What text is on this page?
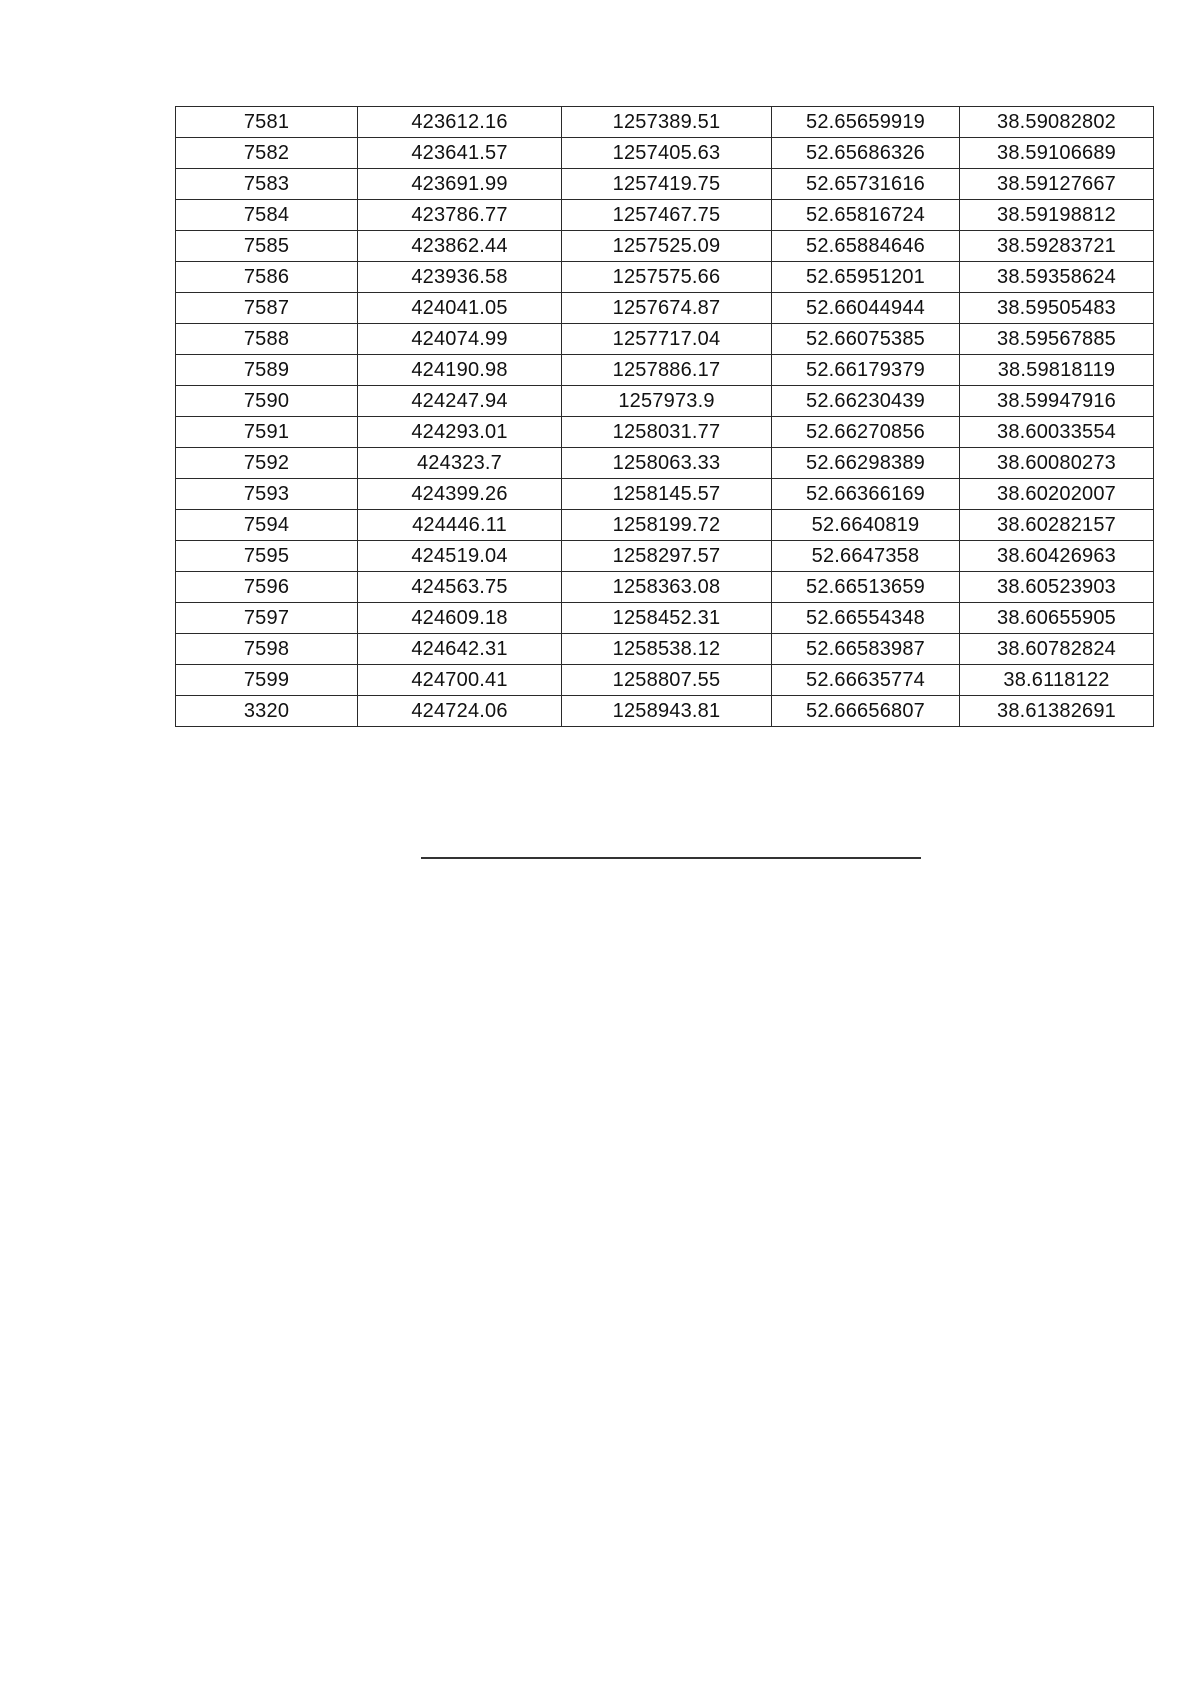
7581	423612.16	1257389.51	52.65659919	38.59082802
7582	423641.57	1257405.63	52.65686326	38.59106689
7583	423691.99	1257419.75	52.65731616	38.59127667
7584	423786.77	1257467.75	52.65816724	38.59198812
7585	423862.44	1257525.09	52.65884646	38.59283721
7586	423936.58	1257575.66	52.65951201	38.59358624
7587	424041.05	1257674.87	52.66044944	38.59505483
7588	424074.99	1257717.04	52.66075385	38.59567885
7589	424190.98	1257886.17	52.66179379	38.59818119
7590	424247.94	1257973.9	52.66230439	38.59947916
7591	424293.01	1258031.77	52.66270856	38.60033554
7592	424323.7	1258063.33	52.66298389	38.60080273
7593	424399.26	1258145.57	52.66366169	38.60202007
7594	424446.11	1258199.72	52.6640819	38.60282157
7595	424519.04	1258297.57	52.6647358	38.60426963
7596	424563.75	1258363.08	52.66513659	38.60523903
7597	424609.18	1258452.31	52.66554348	38.60655905
7598	424642.31	1258538.12	52.66583987	38.60782824
7599	424700.41	1258807.55	52.66635774	38.6118122
3320	424724.06	1258943.81	52.66656807	38.61382691
